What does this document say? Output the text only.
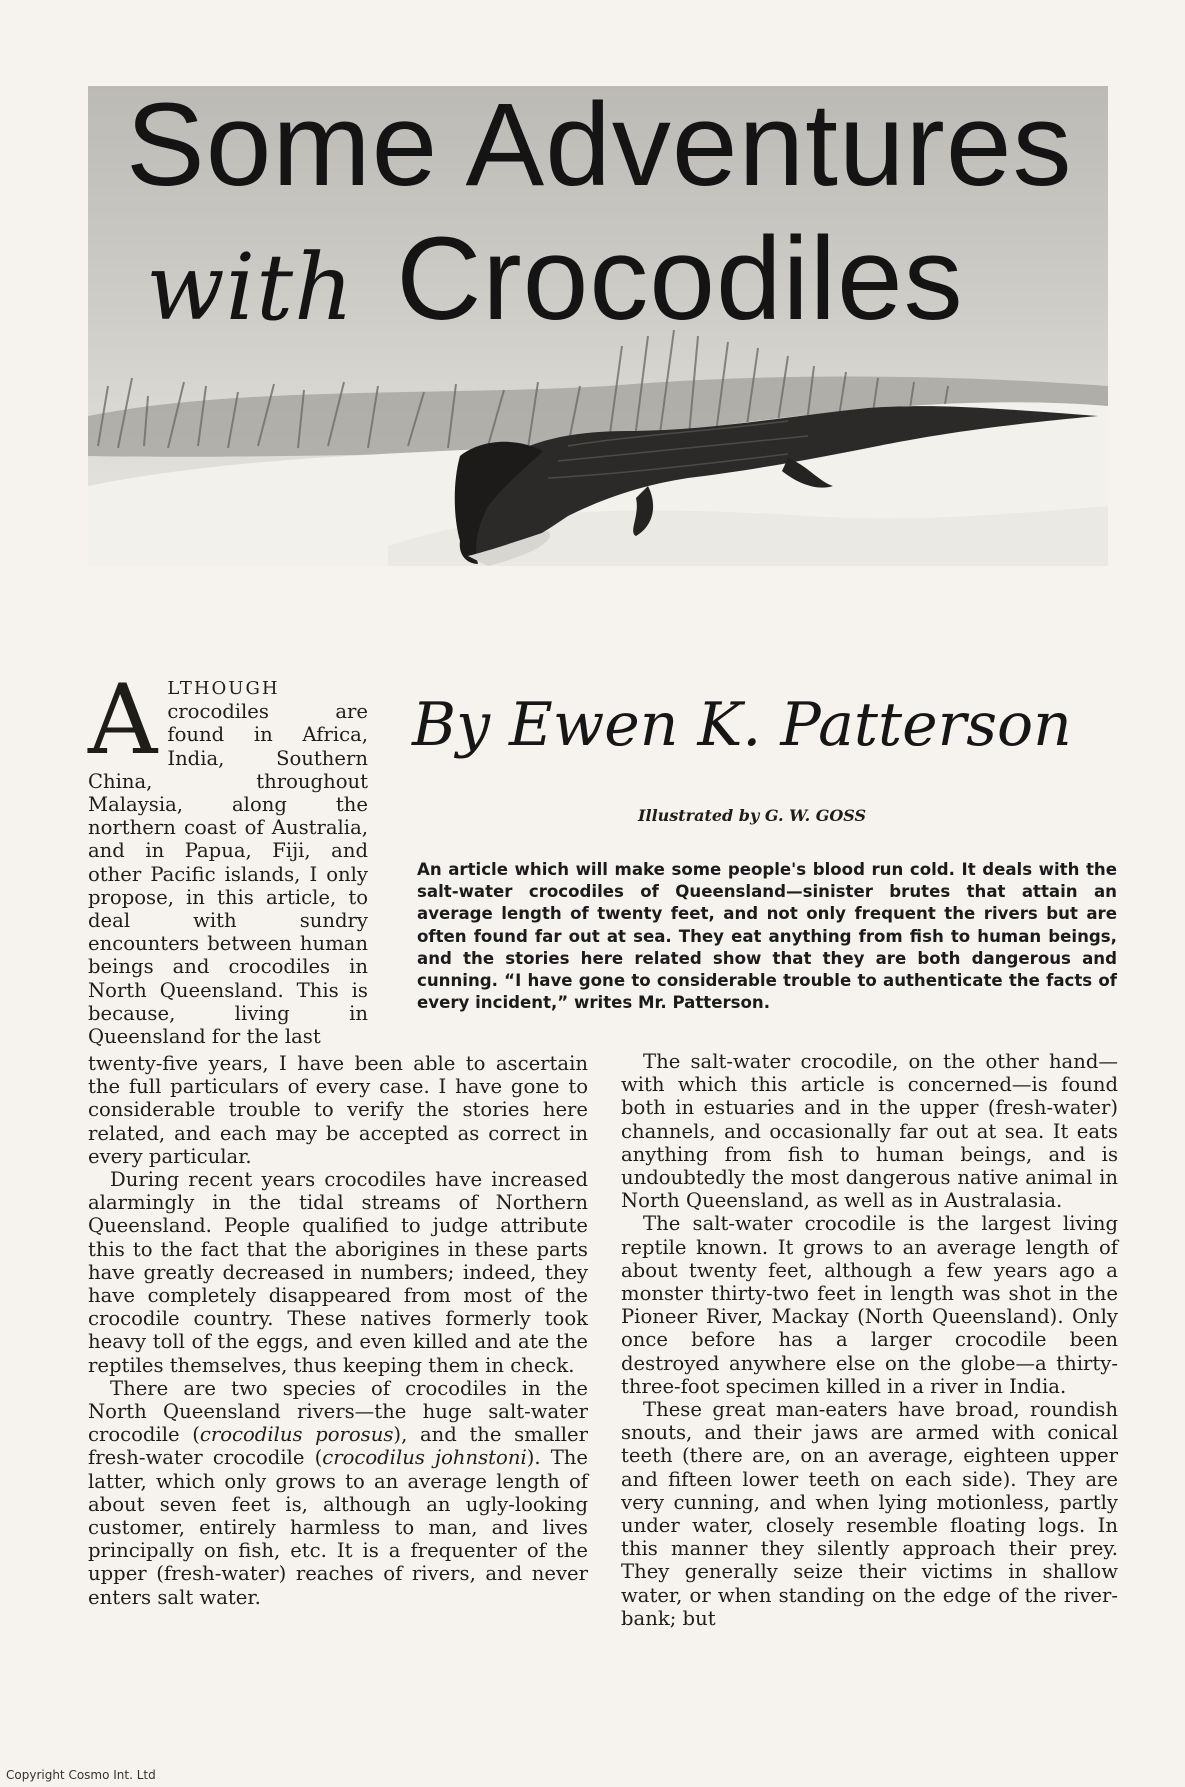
Some Adventures
with Crocodiles
By Ewen K. Patterson
Illustrated by G. W. GOSS
An article which will make some people's blood run cold. It deals with the salt-water crocodiles of Queensland—sinister brutes that attain an average length of twenty feet, and not only frequent the rivers but are often found far out at sea. They eat anything from fish to human beings, and the stories here related show that they are both dangerous and cunning. “I have gone to considerable trouble to authenticate the facts of every incident,” writes Mr. Patterson.

ALTHOUGH crocodiles are found in Africa, India, Southern China, throughout Malaysia, along the northern coast of Australia, and in Papua, Fiji, and other Pacific islands, I only propose, in this article, to deal with sundry encounters between human beings and crocodiles in North Queensland. This is because, living in Queensland for the last

twenty-five years, I have been able to ascertain the full particulars of every case. I have gone to considerable trouble to verify the stories here related, and each may be accepted as correct in every particular.

During recent years crocodiles have increased alarmingly in the tidal streams of Northern Queensland. People qualified to judge attribute this to the fact that the aborigines in these parts have greatly decreased in numbers; indeed, they have completely disappeared from most of the crocodile country. These natives formerly took heavy toll of the eggs, and even killed and ate the reptiles themselves, thus keeping them in check.

There are two species of crocodiles in the North Queensland rivers—the huge salt-water crocodile (crocodilus porosus), and the smaller fresh-water crocodile (crocodilus johnstoni). The latter, which only grows to an average length of about seven feet is, although an ugly-looking customer, entirely harmless to man, and lives principally on fish, etc. It is a frequenter of the upper (fresh-water) reaches of rivers, and never enters salt water.

The salt-water crocodile, on the other hand—with which this article is concerned—is found both in estuaries and in the upper (fresh-water) channels, and occasionally far out at sea. It eats anything from fish to human beings, and is undoubtedly the most dangerous native animal in North Queensland, as well as in Australasia.

The salt-water crocodile is the largest living reptile known. It grows to an average length of about twenty feet, although a few years ago a monster thirty-two feet in length was shot in the Pioneer River, Mackay (North Queensland). Only once before has a larger crocodile been destroyed anywhere else on the globe—a thirty-three-foot specimen killed in a river in India.

These great man-eaters have broad, roundish snouts, and their jaws are armed with conical teeth (there are, on an average, eighteen upper and fifteen lower teeth on each side). They are very cunning, and when lying motionless, partly under water, closely resemble floating logs. In this manner they silently approach their prey. They generally seize their victims in shallow water, or when standing on the edge of the river-bank; but

Copyright Cosmo Int. Ltd
